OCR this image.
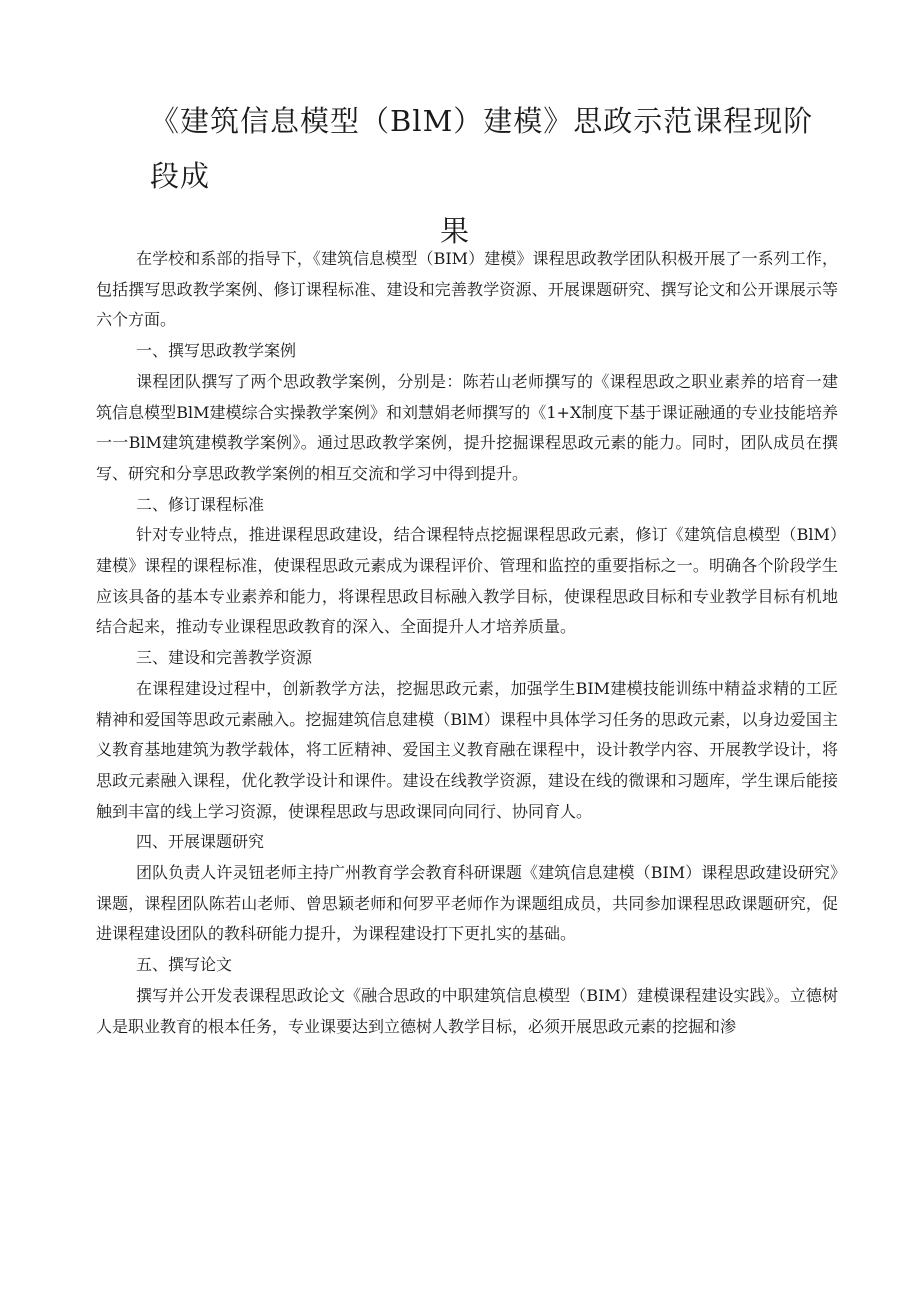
《建筑信息模型（BlM）建模》思政示范课程现阶段成
果

在学校和系部的指导下，《建筑信息模型（BIM）建模》课程思政教学团队积极开展了一系列工作，包括撰写思政教学案例、修订课程标准、建设和完善教学资源、开展课题研究、撰写论文和公开课展示等六个方面。

一、撰写思政教学案例

课程团队撰写了两个思政教学案例，分别是：陈若山老师撰写的《课程思政之职业素养的培育一建筑信息模型BlM建模综合实操教学案例》和刘慧娟老师撰写的《1+X制度下基于课证融通的专业技能培养一一BlM建筑建模教学案例》。通过思政教学案例，提升挖掘课程思政元素的能力。同时，团队成员在撰写、研究和分享思政教学案例的相互交流和学习中得到提升。

二、修订课程标准

针对专业特点，推进课程思政建设，结合课程特点挖掘课程思政元素，修订《建筑信息模型（BlM）建模》课程的课程标准，使课程思政元素成为课程评价、管理和监控的重要指标之一。明确各个阶段学生应该具备的基本专业素养和能力，将课程思政目标融入教学目标，使课程思政目标和专业教学目标有机地结合起来，推动专业课程思政教育的深入、全面提升人才培养质量。

三、建设和完善教学资源

在课程建设过程中，创新教学方法，挖掘思政元素，加强学生BIM建模技能训练中精益求精的工匠精神和爱国等思政元素融入。挖掘建筑信息建模（BlM）课程中具体学习任务的思政元素，以身边爱国主义教育基地建筑为教学载体，将工匠精神、爱国主义教育融在课程中，设计教学内容、开展教学设计，将思政元素融入课程，优化教学设计和课件。建设在线教学资源，建设在线的微课和习题库，学生课后能接触到丰富的线上学习资源，使课程思政与思政课同向同行、协同育人。

四、开展课题研究

团队负责人许灵钮老师主持广州教育学会教育科研课题《建筑信息建模（BIM）课程思政建设研究》课题，课程团队陈若山老师、曾思颖老师和何罗平老师作为课题组成员，共同参加课程思政课题研究，促进课程建设团队的教科研能力提升，为课程建设打下更扎实的基础。

五、撰写论文

撰写并公开发表课程思政论文《融合思政的中职建筑信息模型（BIM）建模课程建设实践》。立德树人是职业教育的根本任务，专业课要达到立德树人教学目标，必须开展思政元素的挖掘和渗
